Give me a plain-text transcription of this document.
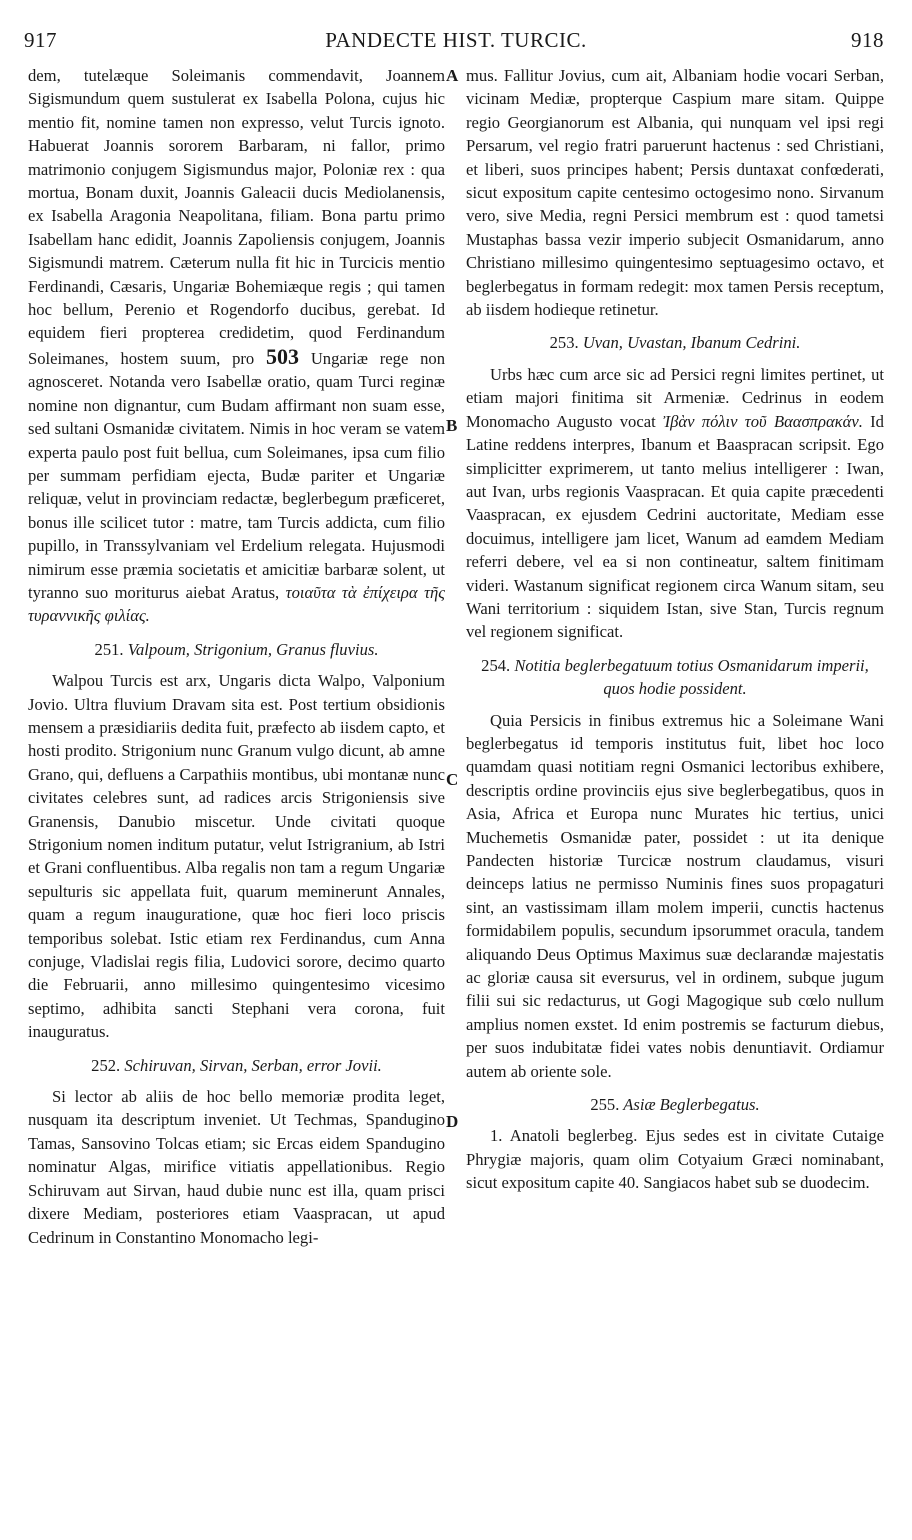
917	PANDECTE HIST. TURCIC.	918
A
B
C
D

dem, tutelæque Soleimanis commendavit, Joannem Sigismundum quem sustulerat ex Isabella Polona, cujus hic mentio fit, nomine tamen non expresso, velut Turcis ignoto. Habuerat Joannis sororem Barbaram, ni fallor, primo matrimonio conjugem Sigismundus major, Poloniæ rex : qua mortua, Bonam duxit, Joannis Galeacii ducis Mediolanensis, ex Isabella Aragonia Neapolitana, filiam. Bona partu primo Isabellam hanc edidit, Joannis Zapoliensis conjugem, Joannis Sigismundi matrem. Cæterum nulla fit hic in Turcicis mentio Ferdinandi, Cæsaris, Ungariæ Bohemiæque regis ; qui tamen hoc bellum, Perenio et Rogendorfo ducibus, gerebat. Id equidem fieri propterea credidetim, quod Ferdinandum Soleimanes, hostem suum, pro 503 Ungariæ rege non agnosceret. Notanda vero Isabellæ oratio, quam Turci reginæ nomine non dignantur, cum Budam affirmant non suam esse, sed sultani Osmanidæ civitatem. Nimis in hoc veram se vatem experta paulo post fuit bellua, cum Soleimanes, ipsa cum filio per summam perfidiam ejecta, Budæ pariter et Ungariæ reliquæ, velut in provinciam redactæ, beglerbegum præficeret, bonus ille scilicet tutor : matre, tam Turcis addicta, cum filio pupillo, in Transsylvaniam vel Erdelium relegata. Hujusmodi nimirum esse præmia societatis et amicitiæ barbaræ solent, ut tyranno suo moriturus aiebat Aratus, τοιαῦτα τὰ ἐπίχειρα τῆς τυραννικῆς φιλίας.

251. Valpoum, Strigonium, Granus fluvius.

Walpou Turcis est arx, Ungaris dicta Walpo, Valponium Jovio. Ultra fluvium Dravam sita est. Post tertium obsidionis mensem a præsidiariis dedita fuit, præfecto ab iisdem capto, et hosti prodito. Strigonium nunc Granum vulgo dicunt, ab amne Grano, qui, defluens a Carpathiis montibus, ubi montanæ nunc civitates celebres sunt, ad radices arcis Strigoniensis sive Granensis, Danubio miscetur. Unde civitati quoque Strigonium nomen inditum putatur, velut Istrigranium, ab Istri et Grani confluentibus. Alba regalis non tam a regum Ungariæ sepulturis sic appellata fuit, quarum meminerunt Annales, quam a regum inauguratione, quæ hoc fieri loco priscis temporibus solebat. Istic etiam rex Ferdinandus, cum Anna conjuge, Vladislai regis filia, Ludovici sorore, decimo quarto die Februarii, anno millesimo quingentesimo vicesimo septimo, adhibita sancti Stephani vera corona, fuit inauguratus.

252. Schiruvan, Sirvan, Serban, error Jovii.

Si lector ab aliis de hoc bello memoriæ prodita leget, nusquam ita descriptum inveniet. Ut Techmas, Spandugino Tamas, Sansovino Tolcas etiam; sic Ercas eidem Spandugino nominatur Algas, mirifice vitiatis appellationibus. Regio Schiruvam aut Sirvan, haud dubie nunc est illa, quam prisci dixere Mediam, posteriores etiam Vaaspracan, ut apud Cedrinum in Constantino Monomacho legi-

mus. Fallitur Jovius, cum ait, Albaniam hodie vocari Serban, vicinam Mediæ, propterque Caspium mare sitam. Quippe regio Georgianorum est Albania, qui nunquam vel ipsi regi Persarum, vel regio fratri paruerunt hactenus : sed Christiani, et liberi, suos principes habent; Persis duntaxat confœderati, sicut expositum capite centesimo octogesimo nono. Sirvanum vero, sive Media, regni Persici membrum est : quod tametsi Mustaphas bassa vezir imperio subjecit Osmanidarum, anno Christiano millesimo quingentesimo septuagesimo octavo, et beglerbegatus in formam redegit: mox tamen Persis receptum, ab iisdem hodieque retinetur.

253. Uvan, Uvastan, Ibanum Cedrini.

Urbs hæc cum arce sic ad Persici regni limites pertinet, ut etiam majori finitima sit Armeniæ. Cedrinus in eodem Monomacho Augusto vocat Ἰβὰν πόλιν τοῦ Βαασπρακάν. Id Latine reddens interpres, Ibanum et Baaspracan scripsit. Ego simplicitter exprimerem, ut tanto melius intelligerer : Iwan, aut Ivan, urbs regionis Vaaspracan. Et quia capite præcedenti Vaaspracan, ex ejusdem Cedrini auctoritate, Mediam esse docuimus, intelligere jam licet, Wanum ad eamdem Mediam referri debere, vel ea si non contineatur, saltem finitimam videri. Wastanum significat regionem circa Wanum sitam, seu Wani territorium : siquidem Istan, sive Stan, Turcis regnum vel regionem significat.

254. Notitia beglerbegatuum totius Osmanidarum imperii, quos hodie possident.

Quia Persicis in finibus extremus hic a Soleimane Wani beglerbegatus id temporis institutus fuit, libet hoc loco quamdam quasi notitiam regni Osmanici lectoribus exhibere, descriptis ordine provinciis ejus sive beglerbegatibus, quos in Asia, Africa et Europa nunc Murates hic tertius, unici Muchemetis Osmanidæ pater, possidet : ut ita denique Pandecten historiæ Turcicæ nostrum claudamus, visuri deinceps latius ne permisso Numinis fines suos propagaturi sint, an vastissimam illam molem imperii, cunctis hactenus formidabilem populis, secundum ipsorummet oracula, tandem aliquando Deus Optimus Maximus suæ declarandæ majestatis ac gloriæ causa sit eversurus, vel in ordinem, subque jugum filii sui sic redacturus, ut Gogi Magogique sub cœlo nullum amplius nomen exstet. Id enim postremis se facturum diebus, per suos indubitatæ fidei vates nobis denuntiavit. Ordiamur autem ab oriente sole.

255. Asiæ Beglerbegatus.

1. Anatoli beglerbeg. Ejus sedes est in civitate Cutaige Phrygiæ majoris, quam olim Cotyaium Græci nominabant, sicut expositum capite 40. Sangiacos habet sub se duodecim.
